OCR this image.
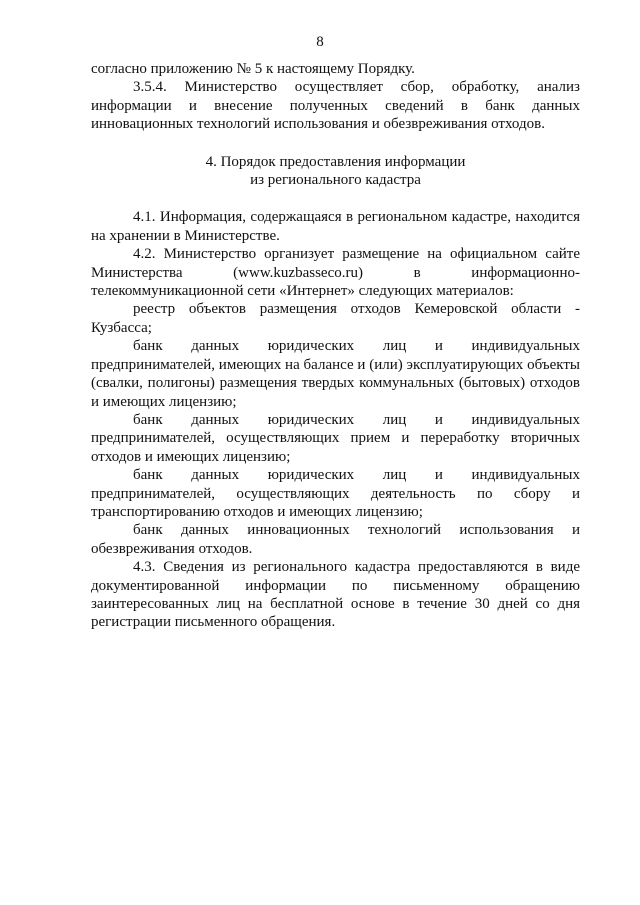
8

согласно приложению № 5 к настоящему Порядку.

3.5.4. Министерство осуществляет сбор, обработку, анализ информации и внесение полученных сведений в банк данных инновационных технологий использования и обезвреживания отходов.

4. Порядок предоставления информации
из регионального кадастра

4.1. Информация, содержащаяся в региональном кадастре, находится на хранении в Министерстве.

4.2. Министерство организует размещение на официальном сайте Министерства (www.kuzbasseco.ru) в информационно-телекоммуникационной сети «Интернет» следующих материалов:

реестр объектов размещения отходов Кемеровской области - Кузбасса;

банк данных юридических лиц и индивидуальных предпринимателей, имеющих на балансе и (или) эксплуатирующих объекты (свалки, полигоны) размещения твердых коммунальных (бытовых) отходов и имеющих лицензию;

банк данных юридических лиц и индивидуальных предпринимателей, осуществляющих прием и переработку вторичных отходов и имеющих лицензию;

банк данных юридических лиц и индивидуальных предпринимателей, осуществляющих деятельность по сбору и транспортированию отходов и имеющих лицензию;

банк данных инновационных технологий использования и обезвреживания отходов.

4.3. Сведения из регионального кадастра предоставляются в виде документированной информации по письменному обращению заинтересованных лиц на бесплатной основе в течение 30 дней со дня регистрации письменного обращения.
